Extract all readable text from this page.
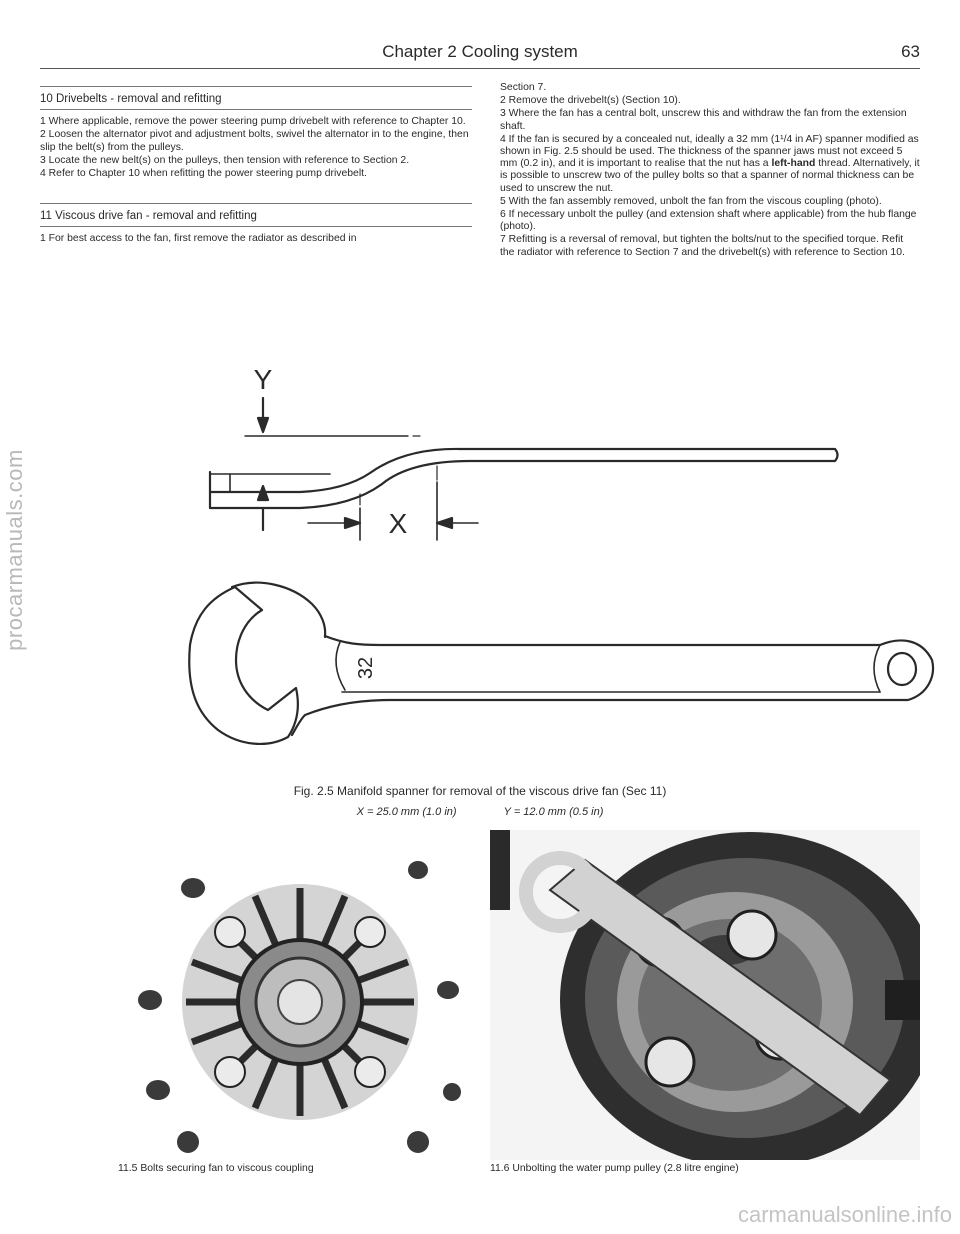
Chapter 2 Cooling system	63
10 Drivebelts - removal and refitting

1 Where applicable, remove the power steering pump drivebelt with reference to Chapter 10.

2 Loosen the alternator pivot and adjustment bolts, swivel the alternator in to the engine, then slip the belt(s) from the pulleys.

3 Locate the new belt(s) on the pulleys, then tension with reference to Section 2.

4 Refer to Chapter 10 when refitting the power steering pump drivebelt.

11 Viscous drive fan - removal and refitting

1 For best access to the fan, first remove the radiator as described in

Section 7.

2 Remove the drivebelt(s) (Section 10).

3 Where the fan has a central bolt, unscrew this and withdraw the fan from the extension shaft.

4 If the fan is secured by a concealed nut, ideally a 32 mm (1¹/4 in AF) spanner modified as shown in Fig. 2.5 should be used. The thickness of the spanner jaws must not exceed 5 mm (0.2 in), and it is important to realise that the nut has a left-hand thread. Alternatively, it is possible to unscrew two of the pulley bolts so that a spanner of normal thickness can be used to unscrew the nut.

5 With the fan assembly removed, unbolt the fan from the viscous coupling (photo).

6 If necessary unbolt the pulley (and extension shaft where applicable) from the hub flange (photo).

7 Refitting is a reversal of removal, but tighten the bolts/nut to the specified torque. Refit the radiator with reference to Section 7 and the drivebelt(s) with reference to Section 10.

Y
X
32
Fig. 2.5 Manifold spanner for removal of the viscous drive fan (Sec 11)
X = 25.0 mm (1.0 in)	Y = 12.0 mm (0.5 in)
11.5 Bolts securing fan to viscous coupling	11.6 Unbolting the water pump pulley (2.8 litre engine)
procarmanuals.com
carmanualsonline.info
